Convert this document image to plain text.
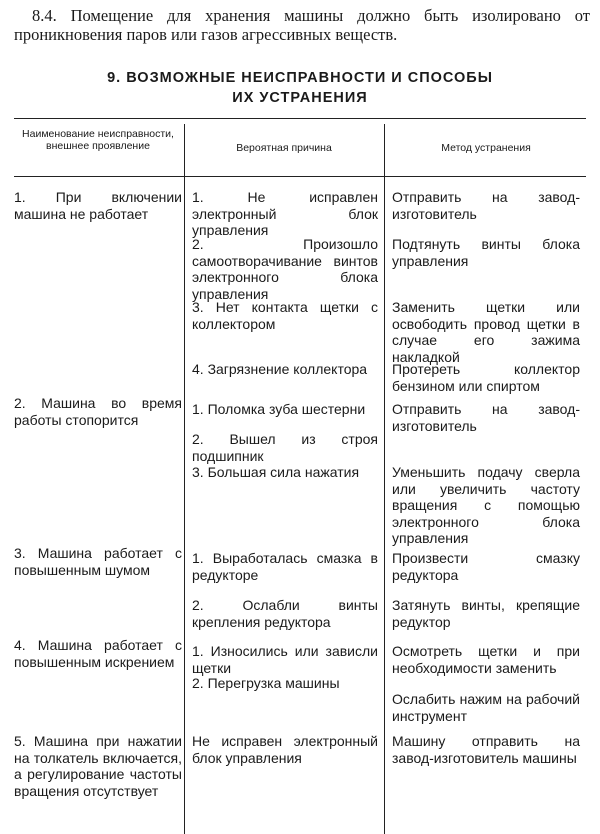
8.4. Помещение для хранения машины должно быть изолировано от проникновения паров или газов агрессивных веществ.
9. ВОЗМОЖНЫЕ НЕИСПРАВНОСТИ И СПОСОБЫ
ИХ УСТРАНЕНИЯ
Наименование неисправности, внешнее проявление	Вероятная причина	Метод устранения
1. При включении машина не работает
2. Машина во время работы стопорится
3. Машина работает с повышенным шумом
4. Машина работает с повышенным искрением
5. Машина при нажатии на толкатель включается, а регулирование частоты вращения отсутствует
1. Не исправлен электронный блок управления
2. Произошло самоотворачивание винтов электронного блока управления
3. Нет контакта щетки с коллектором
4. Загрязнение коллектора
1. Поломка зуба шестерни
2. Вышел из строя подшипник
3. Большая сила нажатия
1. Выработалась смазка в редукторе
2. Ослабли винты крепления редуктора
1. Износились или зависли щетки
2. Перегрузка машины
Не исправен электронный блок управления
Отправить на завод-изготовитель
Подтянуть винты блока управления
Заменить щетки или освободить провод щетки в случае его зажима накладкой
Протереть коллектор бензином или спиртом
Отправить на завод-изготовитель
Уменьшить подачу сверла или увеличить частоту вращения с помощью электронного блока управления
Произвести смазку редуктора
Затянуть винты, крепящие редуктор
Осмотреть щетки и при необходимости заменить
Ослабить нажим на рабочий инструмент
Машину отправить на завод-изготовитель машины
